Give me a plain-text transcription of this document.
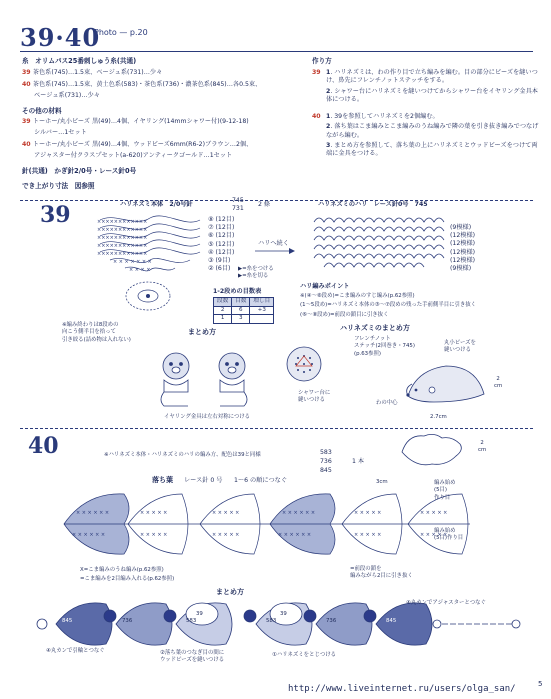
39·40
Photo — p.20
糸　オリムパス25番刺しゅう糸(共通)
39 茶色系(745)…1.5束、ベージュ系(731)…少々
40 茶色系(745)…1.5束、黄土色系(583)・茶色系(736)・濃茶色系(845)…各0.5束、
ベージュ系(731)…少々
その他の材料
39 トーホー/丸小ビーズ 黒(49)…4個、イヤリング(14mmシャワー付)(9-12-18)
シルバー…1セット
40 トーホー/丸小ビーズ 黒(49)…4個、ウッドビーズ6mm(R6-2)ブラウン…2個、
アジャスター付クラスプセット(a-620)アンティークゴールド…1セット
針(共通)　かぎ針2/0号・レース針0号
でき上がり寸法　図参照
作り方
39 1. ハリネズミは、わの作り目で立ち編みを編む。目の部分にビーズを縫いつけ、鼻先にフレンチノットステッチをする。
2. シャワー台にハリネズミを縫いつけてからシャワー台をイヤリング金具本体につける。
40 1. 39を参照してハリネズミを2個編む。
2. 落ち葉はこま編みとこま編みのうね編みで隣の葉を引き抜き編みでつなげながら編む。
3. まとめ方を参照して、落ち葉の上にハリネズミとウッドビーズをつけて両端に金具をつける。
39	ハリネズミ本体　2/0号針
745
731
2 條	ハリネズミのハリ　レース針0号　745
××××××××××××
××××××××××××
××××××××××××
××××××××××××
××××××××××××
× × × × × × ×
× × × ×
⑧ (12目)
⑦ (12目)
⑥ (12目)
⑤ (12目)
④ (12目)
③ (9目)
② (6目)
ハリへ続く
▶=糸をつける
▶=糸を切る
(9模様)
(12模様)
(12模様)
(12模様)
(12模様)
(9模様)
1-2段めの目数表
段数	目数	増し目
2	6	+3
1	3	
ハリ編みポイント
※(④〜⑧段め)=こま編みのすじ編み(p.62参照)
(1〜5段め)=ハリネズミ本体の③〜⑦段めの残った手前側半目に引き抜く
(⑥〜⑧段め)=前段の鎖目に引き抜く
※編み終わりは8段めの
向こう側半目を拾って
引き絞る(詰め物は入れない)
まとめ方	ハリネズミのまとめ方
イヤリング金具は左右対称につける
シャワー台に
縫いつける
フレンチノット
ステッチ(2回巻き・745)
(p.63参照)
丸小ビーズを
縫いつける
わの中心
2
cm
2.7cm
40	※ハリネズミ本体・ハリネズミのハリの編み方、配色は39と同様	583
736
845
1 本
2
cm
落ち葉 レース針 0 号 1〜6 の順につなぐ	3cm
× × × × × ×
× × × × × ×
× × × × ×
× × × × ×
× × × × ×
× × × × ×
× × × × × ×
× × × × × ×
× × × × ×
× × × × ×
× × × × ×
× × × × ×
編み始め
(5目)
作り目
編み始め
(5目)作り目
X=こま編みのうね編み(p.62参照)
=こま編みを2目編み入れる(p.62参照)
=前段の鎖を
編みながら2目に引き抜く
まとめ方
845	736	583	583	736	845
39	39
④丸カンでアジャスターとつなぐ
④丸カンで引輪とつなぐ	②落ち葉のつなぎ目の間に
ウッドビーズを縫いつける
①ハリネズミをとじつける
http://www.liveinternet.ru/users/olga_san/	5
